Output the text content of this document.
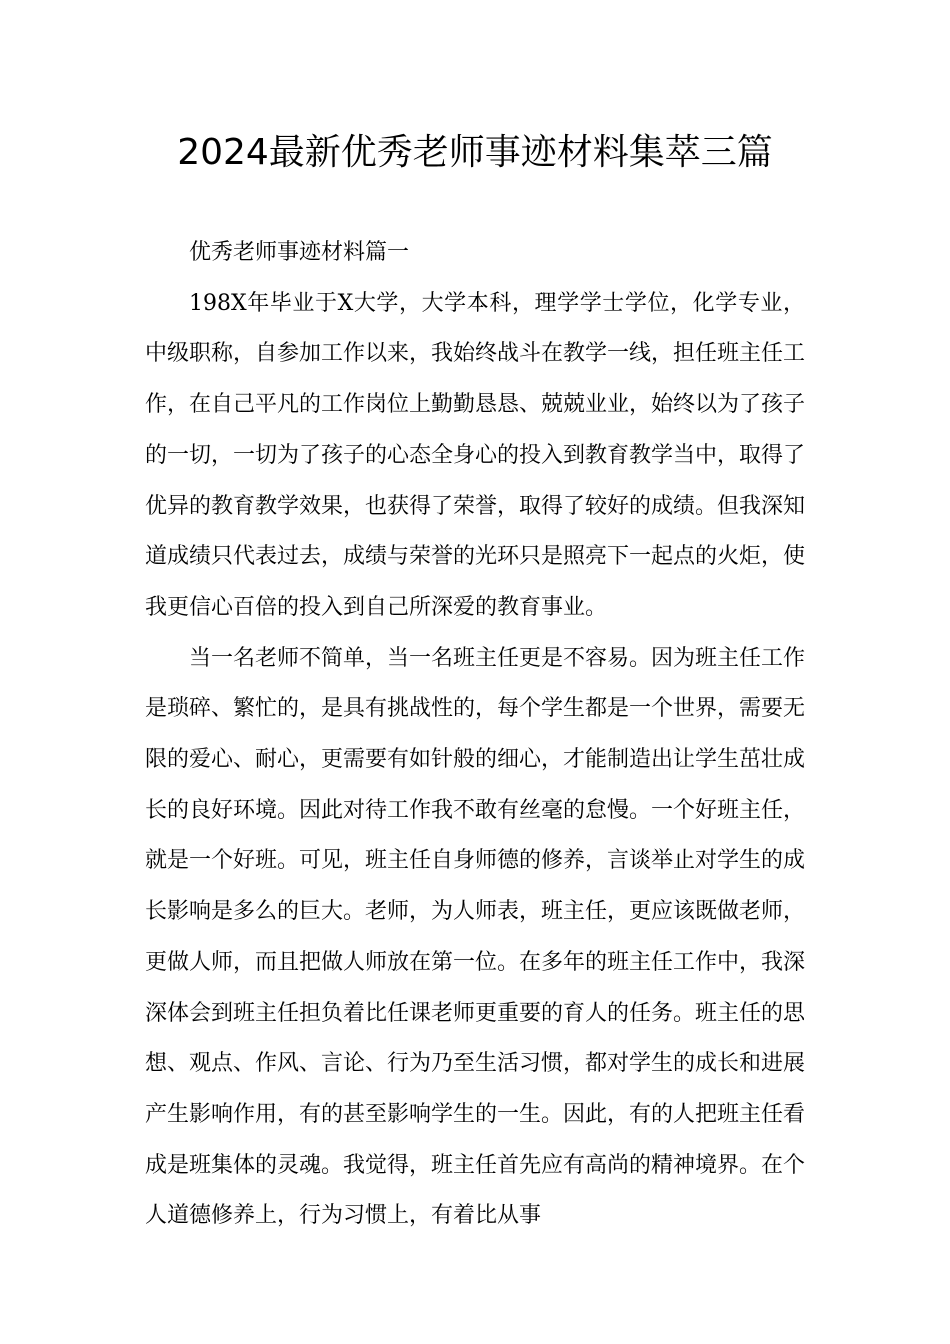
2024最新优秀老师事迹材料集萃三篇

优秀老师事迹材料篇一

198X年毕业于X大学，大学本科，理学学士学位，化学专业，中级职称，自参加工作以来，我始终战斗在教学一线，担任班主任工作，在自己平凡的工作岗位上勤勤恳恳、兢兢业业，始终以为了孩子的一切，一切为了孩子的心态全身心的投入到教育教学当中，取得了优异的教育教学效果，也获得了荣誉，取得了较好的成绩。但我深知道成绩只代表过去，成绩与荣誉的光环只是照亮下一起点的火炬，使我更信心百倍的投入到自己所深爱的教育事业。

当一名老师不简单，当一名班主任更是不容易。因为班主任工作是琐碎、繁忙的，是具有挑战性的，每个学生都是一个世界，需要无限的爱心、耐心，更需要有如针般的细心，才能制造出让学生茁壮成长的良好环境。因此对待工作我不敢有丝毫的怠慢。一个好班主任，就是一个好班。可见，班主任自身师德的修养，言谈举止对学生的成长影响是多么的巨大。老师，为人师表，班主任，更应该既做老师，更做人师，而且把做人师放在第一位。在多年的班主任工作中，我深深体会到班主任担负着比任课老师更重要的育人的任务。班主任的思想、观点、作风、言论、行为乃至生活习惯，都对学生的成长和进展产生影响作用，有的甚至影响学生的一生。因此，有的人把班主任看成是班集体的灵魂。我觉得，班主任首先应有高尚的精神境界。在个人道德修养上，行为习惯上，有着比从事
